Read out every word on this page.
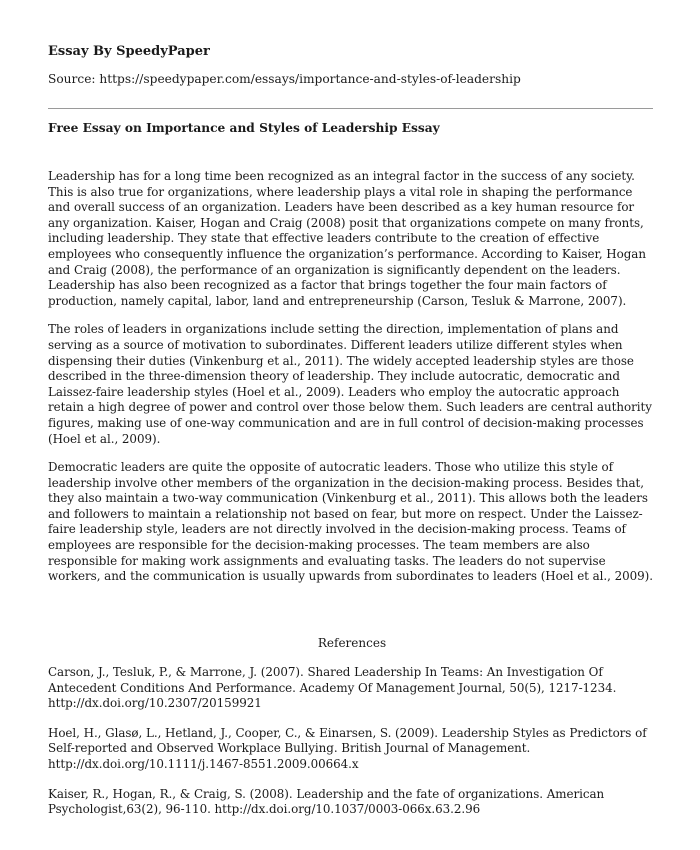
Essay By SpeedyPaper

Source: https://speedypaper.com/essays/importance-and-styles-of-leadership

Free Essay on Importance and Styles of Leadership Essay

Leadership has for a long time been recognized as an integral factor in the success of any society. This is also true for organizations, where leadership plays a vital role in shaping the performance and overall success of an organization. Leaders have been described as a key human resource for any organization. Kaiser, Hogan and Craig (2008) posit that organizations compete on many fronts, including leadership. They state that effective leaders contribute to the creation of effective employees who consequently influence the organization’s performance. According to Kaiser, Hogan and Craig (2008), the performance of an organization is significantly dependent on the leaders. Leadership has also been recognized as a factor that brings together the four main factors of production, namely capital, labor, land and entrepreneurship (Carson, Tesluk & Marrone, 2007).

The roles of leaders in organizations include setting the direction, implementation of plans and serving as a source of motivation to subordinates. Different leaders utilize different styles when dispensing their duties (Vinkenburg et al., 2011). The widely accepted leadership styles are those described in the three-dimension theory of leadership. They include autocratic, democratic and Laissez-faire leadership styles (Hoel et al., 2009). Leaders who employ the autocratic approach retain a high degree of power and control over those below them. Such leaders are central authority figures, making use of one-way communication and are in full control of decision-making processes (Hoel et al., 2009).

Democratic leaders are quite the opposite of autocratic leaders. Those who utilize this style of leadership involve other members of the organization in the decision-making process. Besides that, they also maintain a two-way communication (Vinkenburg et al., 2011). This allows both the leaders and followers to maintain a relationship not based on fear, but more on respect. Under the Laissez-faire leadership style, leaders are not directly involved in the decision-making process. Teams of employees are responsible for the decision-making processes. The team members are also responsible for making work assignments and evaluating tasks. The leaders do not supervise workers, and the communication is usually upwards from subordinates to leaders (Hoel et al., 2009).

References

Carson, J., Tesluk, P., & Marrone, J. (2007). Shared Leadership In Teams: An Investigation Of Antecedent Conditions And Performance. Academy Of Management Journal, 50(5), 1217-1234. http://dx.doi.org/10.2307/20159921

Hoel, H., Glasø, L., Hetland, J., Cooper, C., & Einarsen, S. (2009). Leadership Styles as Predictors of Self-reported and Observed Workplace Bullying. British Journal of Management. http://dx.doi.org/10.1111/j.1467-8551.2009.00664.x

Kaiser, R., Hogan, R., & Craig, S. (2008). Leadership and the fate of organizations. American Psychologist,63(2), 96-110. http://dx.doi.org/10.1037/0003-066x.63.2.96
